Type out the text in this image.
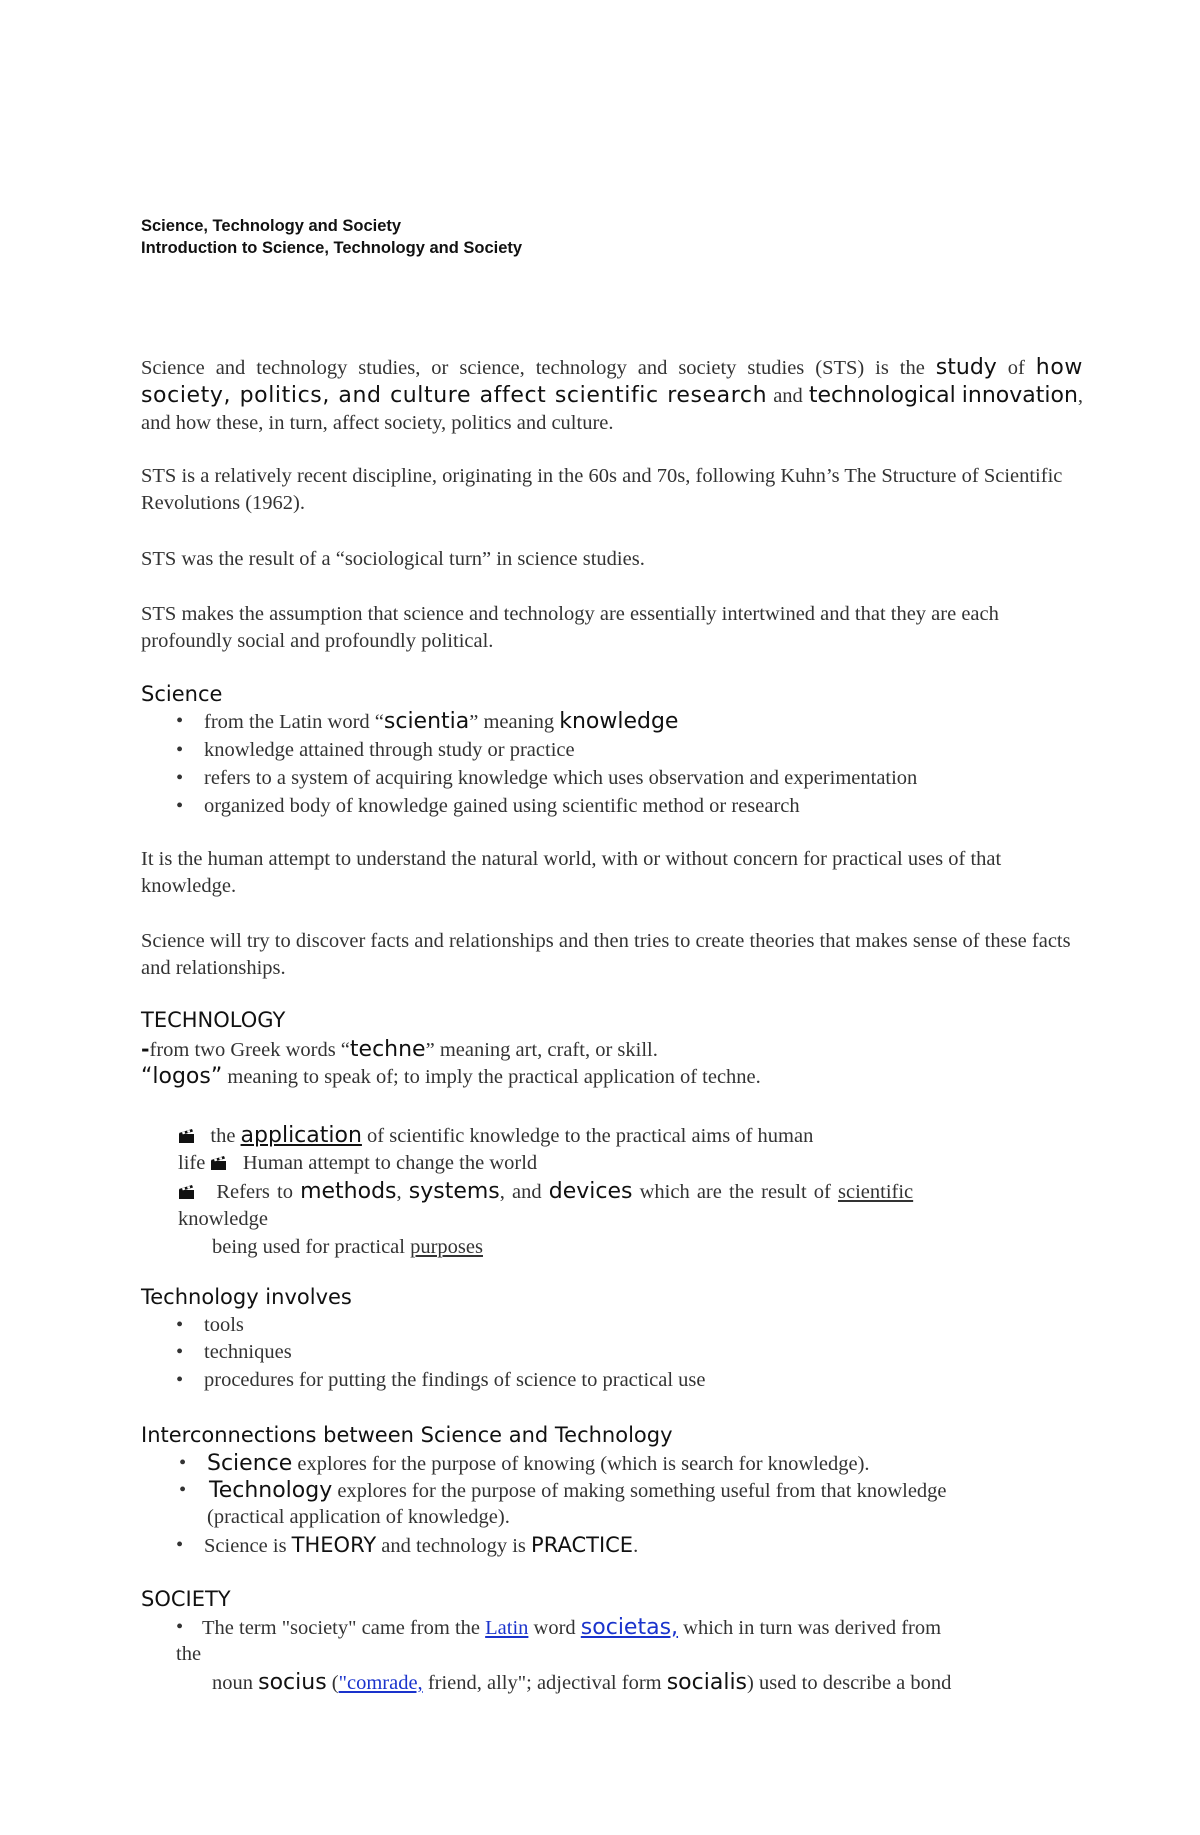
Science, Technology and Society

Introduction to Science, Technology and Society

Science and technology studies, or science, technology and society studies (STS) is the study of how society, politics, and culture affect scientific research and technological innovation, and how these, in turn, affect society, politics and culture.

STS is a relatively recent discipline, originating in the 60s and 70s, following Kuhn’s The Structure of Scientific Revolutions (1962).

STS was the result of a “sociological turn” in science studies.

STS makes the assumption that science and technology are essentially intertwined and that they are each profoundly social and profoundly political.

Science

• from the Latin word “scientia” meaning knowledge

• knowledge attained through study or practice

• refers to a system of acquiring knowledge which uses observation and experimentation

• organized body of knowledge gained using scientific method or research

It is the human attempt to understand the natural world, with or without concern for practical uses of that knowledge.

Science will try to discover facts and relationships and then tries to create theories that makes sense of these facts and relationships.

TECHNOLOGY

-from two Greek words “techne” meaning art, craft, or skill.

“logos” meaning to speak of; to imply the practical application of techne.

the application of scientific knowledge to the practical aims of human

life Human attempt to change the world

Refers to methods, systems, and devices which are the result of scientific

knowledge

being used for practical purposes

Technology involves

• tools

• techniques

• procedures for putting the findings of science to practical use

Interconnections between Science and Technology

• Science explores for the purpose of knowing (which is search for knowledge).

• Technology explores for the purpose of making something useful from that knowledge

(practical application of knowledge).

• Science is THEORY and technology is PRACTICE.

SOCIETY

• The term "society" came from the Latin word societas, which in turn was derived from

the

noun socius ("comrade, friend, ally"; adjectival form socialis) used to describe a bond
